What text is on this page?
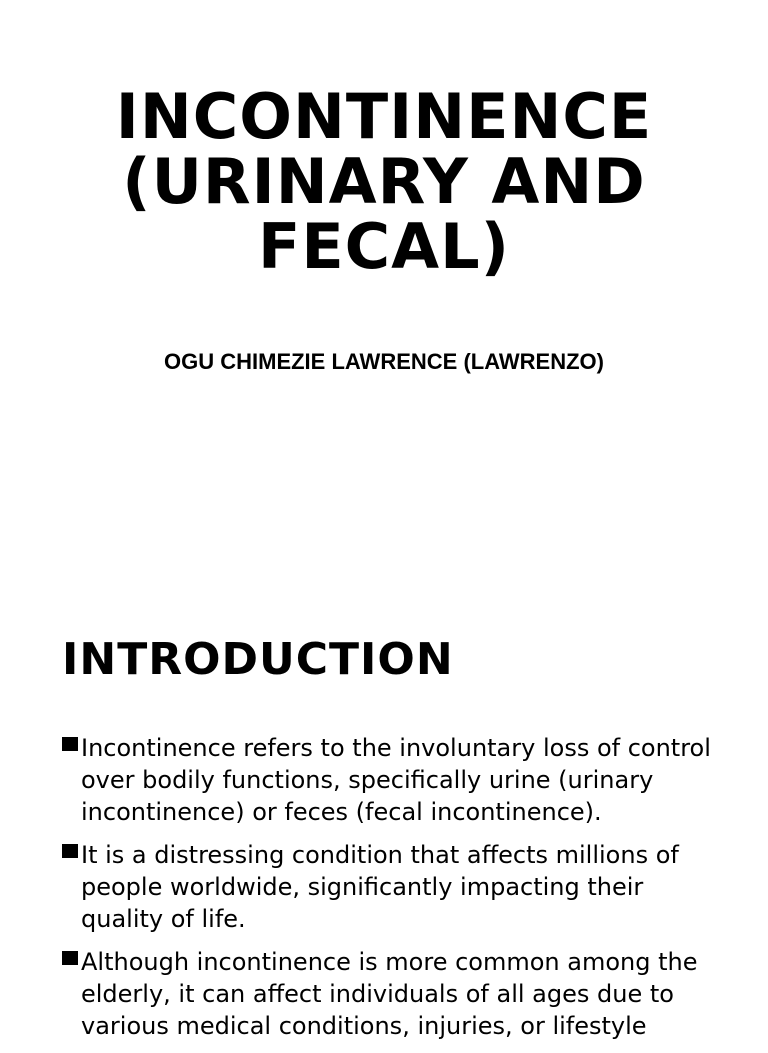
INCONTINENCE
(URINARY AND
FECAL)

OGU CHIMEZIE LAWRENCE (LAWRENZO)

INTRODUCTION
Incontinence refers to the involuntary loss of control over bodily functions, specifically urine (urinary incontinence) or feces (fecal incontinence).
It is a distressing condition that affects millions of people worldwide, significantly impacting their quality of life.
Although incontinence is more common among the elderly, it can affect individuals of all ages due to various medical conditions, injuries, or lifestyle
